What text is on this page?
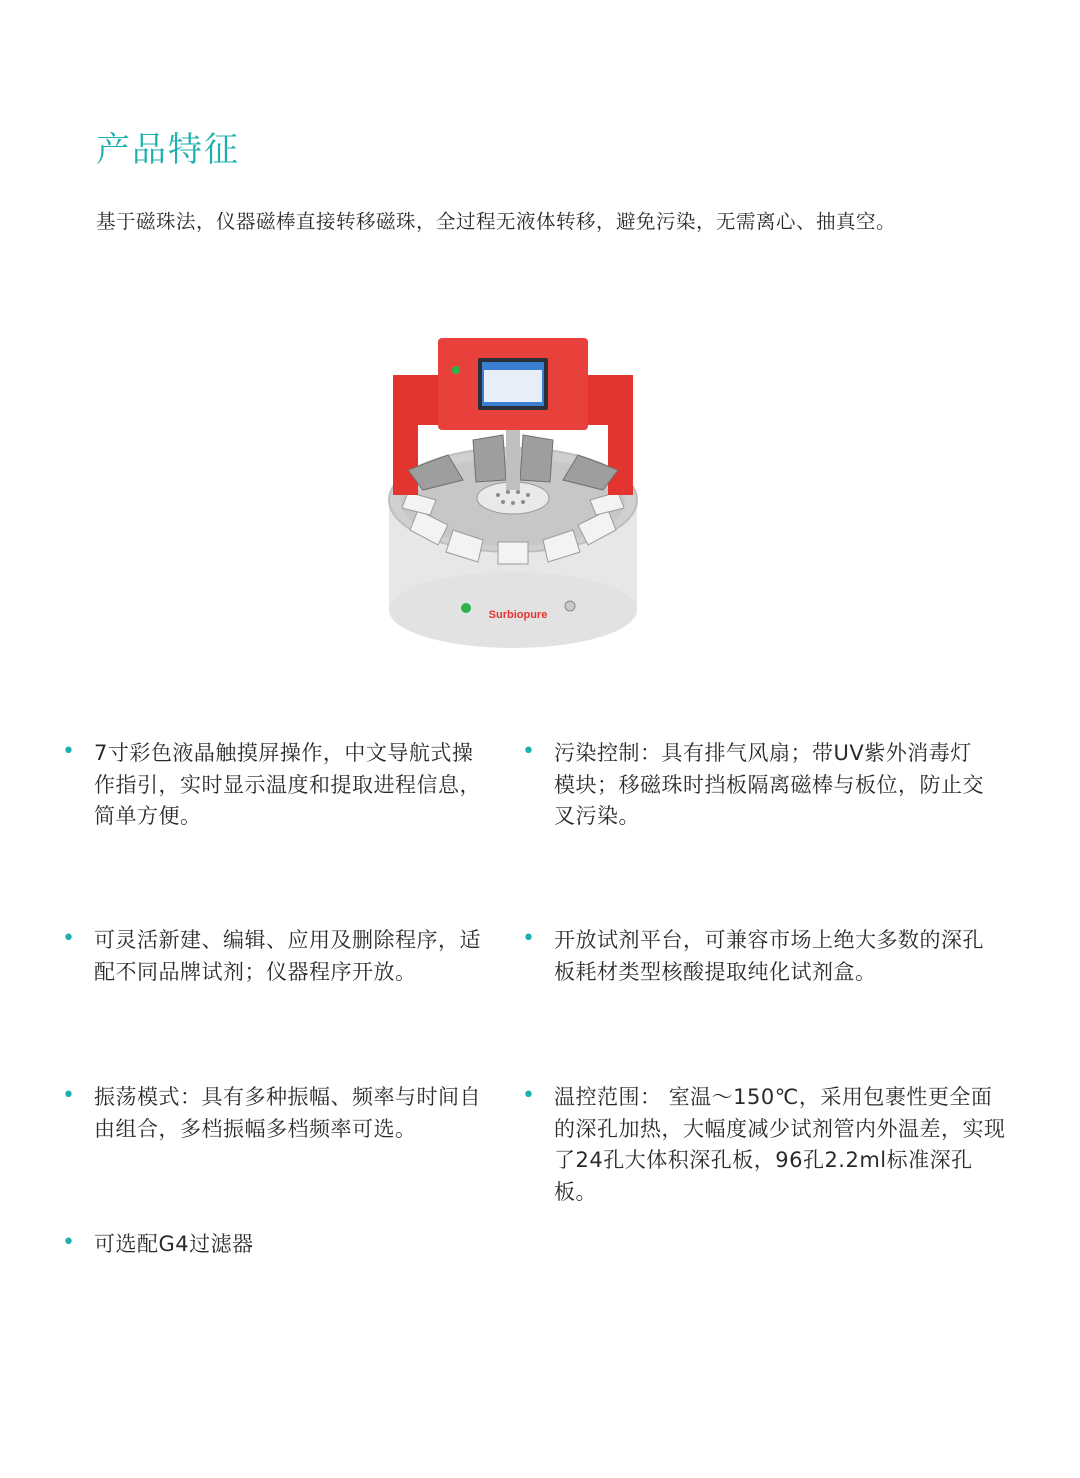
产品特征
基于磁珠法，仪器磁棒直接转移磁珠，全过程无液体转移，避免污染，无需离心、抽真空。
Surbiopure
• 7寸彩色液晶触摸屏操作，中文导航式操作指引，实时显示温度和提取进程信息，简单方便。
• 污染控制：具有排气风扇；带UV紫外消毒灯模块；移磁珠时挡板隔离磁棒与板位，防止交叉污染。
• 可灵活新建、编辑、应用及删除程序，适配不同品牌试剂；仪器程序开放。
• 开放试剂平台，可兼容市场上绝大多数的深孔板耗材类型核酸提取纯化试剂盒。
• 振荡模式：具有多种振幅、频率与时间自由组合，多档振幅多档频率可选。
• 温控范围： 室温～150℃，采用包裹性更全面的深孔加热，大幅度减少试剂管内外温差，实现了24孔大体积深孔板，96孔2.2ml标准深孔板。
• 可选配G4过滤器
